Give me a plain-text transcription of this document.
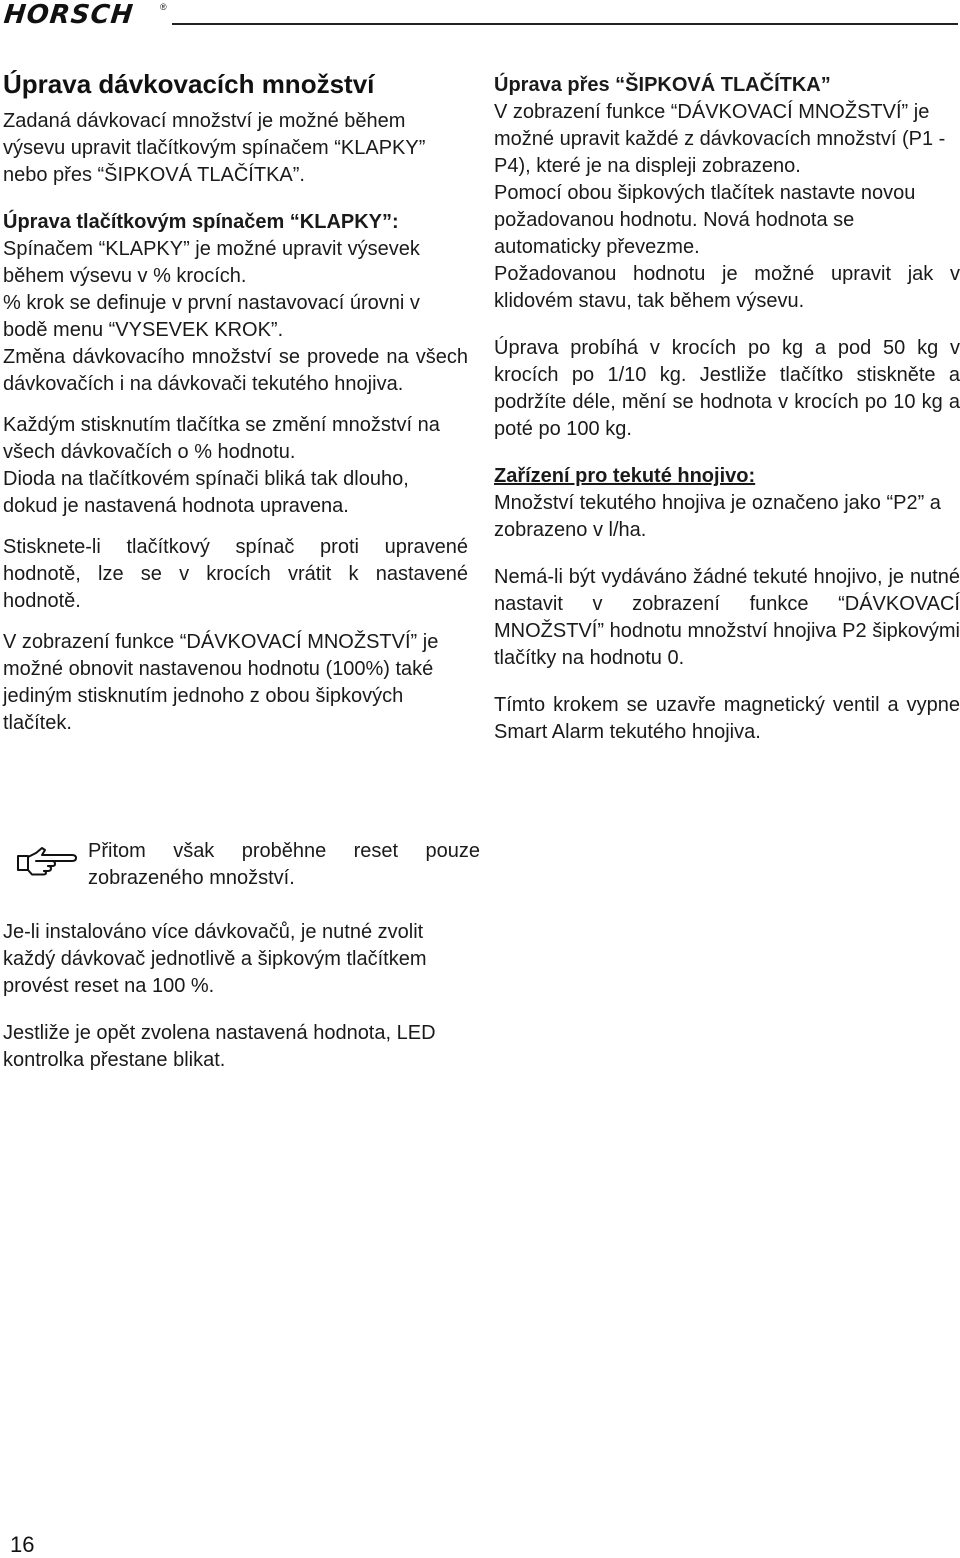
HORSCH	®
Úprava dávkovacích množství

Zadaná dávkovací množství je možné během výsevu upravit tlačítkovým spínačem “KLAPKY” nebo přes “ŠIPKOVÁ TLAČÍTKA”.

Úprava tlačítkovým spínačem “KLAPKY”:

Spínačem “KLAPKY” je možné upravit výsevek během výsevu v % krocích.

% krok se definuje v první nastavovací úrovni v bodě menu “VYSEVEK KROK”.

Změna dávkovacího množství se provede na všech dávkovačích i na dávkovači tekutého hnojiva.

Každým stisknutím tlačítka se změní množství na všech dávkovačích o % hodnotu.

Dioda na tlačítkovém spínači bliká tak dlouho, dokud je nastavená hodnota upravena.

Stisknete-li tlačítkový spínač proti upravené hodnotě, lze se v krocích vrátit k nastavené hodnotě.

V zobrazení funkce “DÁVKOVACÍ MNOŽSTVÍ” je možné obnovit nastavenou hodnotu (100%) také jediným stisknutím jednoho z obou šipkových tlačítek.

Přitom však proběhne reset pouze zobrazeného množství.

Je-li instalováno více dávkovačů, je nutné zvolit každý dávkovač jednotlivě a šipkovým tlačítkem provést reset na 100 %.

Jestliže je opět zvolena nastavená hodnota, LED kontrolka přestane blikat.

Úprava přes “ŠIPKOVÁ TLAČÍTKA”

V zobrazení funkce “DÁVKOVACÍ MNOŽSTVÍ” je možné upravit každé z dávkovacích množství (P1 - P4), které je na displeji zobrazeno.

Pomocí obou šipkových tlačítek nastavte novou požadovanou hodnotu. Nová hodnota se automaticky převezme.

Požadovanou hodnotu je možné upravit jak v klidovém stavu, tak během výsevu.

Úprava probíhá v krocích po kg a pod 50 kg v krocích po 1/10 kg. Jestliže tlačítko stiskněte a podržíte déle, mění se hodnota v krocích po 10 kg a poté po 100 kg.

Zařízení pro tekuté hnojivo:

Množství tekutého hnojiva je označeno jako “P2” a zobrazeno v l/ha.

Nemá-li být vydáváno žádné tekuté hnojivo, je nutné nastavit v zobrazení funkce “DÁVKOVACÍ MNOŽSTVÍ” hodnotu množství hnojiva P2 šipkovými tlačítky na hodnotu 0.

Tímto krokem se uzavře magnetický ventil a vypne Smart Alarm tekutého hnojiva.

16
